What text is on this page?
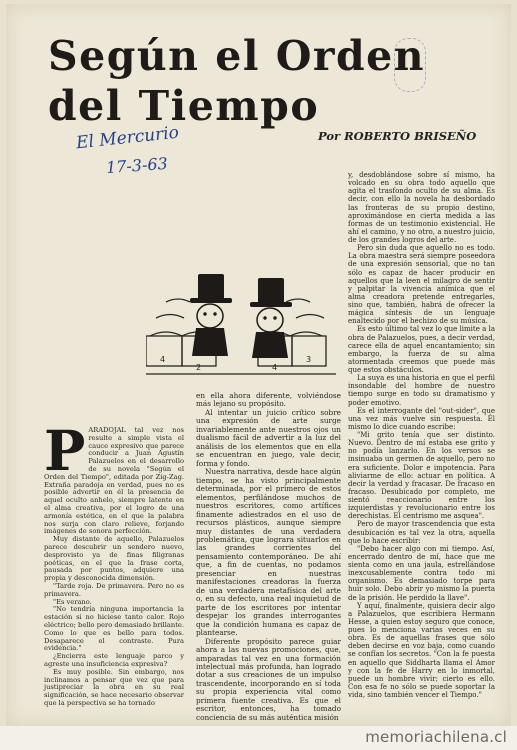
Según el Orden
del Tiempo

El Mercurio

17-3-63

Por ROBERTO BRISEÑO

4
2	4
3

PARADOJAL tal vez nos resulte a simple vista el cauce expresivo que parece conducir a Juan Agustín Palazuelos en el desarrollo de su novela "Según el Orden del Tiempo", editada por Zig-Zag. Extraña paradoja en verdad, pues no es posible advertir en él la presencia de aquel oculto anhelo, siempre latente en el alma creativa, por el logro de una armonía estética, en el que la palabra nos surja con claro relieve, forjando imágenes de sonora perfección.

Muy distante de aquello, Palazuelos parece descubrir un sendero nuevo, desprovisto ya de finas filigranas poéticas, en el que la frase corta, pausada por puntos, adquiere una propia y desconocida dimensión.

"Tarde roja. De primavera. Pero no es primavera.

"Es verano.

"No tendría ninguna importancia la estación si no hiciese tanto calor. Rojo eléctrico; bello pero demasiado brillante. Como lo que es bello para todos. Desaparece el contraste. Pura evidencia."

¿Encierra este lenguaje parco y agreste una insuficiencia expresiva?

Es muy posible. Sin embargo, nos inclinamos a pensar que vez que para justipreciar la obra en su real significación, se hace necesario observar que la perspectiva se ha tornado

en ella ahora diferente, volviéndose más lejano su propósito.

Al intentar un juicio crítico sobre una expresión de arte surge invariablemente ante nuestros ojos un dualismo fácil de advertir a la luz del análisis de los elementos que en ella se encuentran en juego, vale decir, forma y fondo.

Nuestra narrativa, desde hace algún tiempo, se ha visto principalmente determinada, por el primero de estos elementos, perfilándose muchos de nuestros escritores, como artífices finamente adiestrados en el uso de recursos plásticos, aunque siempre muy distantes de una verdadera problemática, que lograra situarlos en las grandes corrientes del pensamiento contemporáneo. De ahí que, a fin de cuentas, no podamos presenciar en nuestras manifestaciones creadoras la fuerza de una verdadera metafísica del arte o, en su defecto, una real inquietud de parte de los escritores por intentar despejar los grandes interrogantes que la condición humana es capaz de plantearse.

Diferente propósito parece guiar ahora a las nuevas promociones, que, amparadas tal vez en una formación intelectual más profunda, han logrado dotar a sus creaciones de un impulso trascendente, incorporando en sí toda su propia experiencia vital como primera fuente creativa. Es que el escritor, entonces, ha tomado conciencia de su más auténtica misión

y, desdoblándose sobre sí mismo, ha volcado en su obra todo aquello que agita el trasfondo oculto de su alma. Es decir, con ello la novela ha desbordado las fronteras de su propio destino, aproximándose en cierta medida a las formas de un testimonio existencial. He ahí el camino, y no otro, a nuestro juicio, de los grandes logros del arte.

Pero sin duda que aquello no es todo. La obra maestra será siempre poseedora de una expresión sensorial, que no tan sólo es capaz de hacer producir en aquellos que la leen el milagro de sentir y palpitar la vivencia anímica que el alma creadora pretende entregarles, sino que, también, habrá de ofrecer la mágica síntesis de un lenguaje enaltecido por el hechizo de su música.

Es esto último tal vez lo que limite a la obra de Palazuelos, pues, a decir verdad, carece ella de aquel encantamiento; sin embargo, la fuerza de su alma atormentada creemos que puede más que estos obstáculos.

La suya es una historia en que el perfil insondable del hombre de nuestro tiempo surge en todo su dramatismo y poder emotivo.

Es el interrogante del "out-sider", que una vez más vuelve sin respuesta. Él mismo lo dice cuando escribe:

"Mi grito tenía que ser distinto. Nuevo. Dentro de mí estaba ese grito y no podía lanzarlo. En los versos se insinuaba un germen de aquello, pero no era suficiente. Dolor e impotencia. Para aliviarme de ello: actuar en política. A decir la verdad y fracasar. De fracaso en fracaso. Desubicado por completo, me sientó reaccionario entre los izquierdistas y revolucionario entre los derechistas. El centrismo me asquea".

Pero de mayor trascendencia que esta desubicación es tal vez la otra, aquella que lo hace escribir:

"Debo hacer algo con mi tiempo. Así, encerrado dentro de mí, hace que me sienta como en una jaula, estrellándose inexcusablemente contra todo mi organismo. Es demasiado torpe para huir solo. Debo abrir yo mismo la puerta de la prisión. He perdido la llave".

Y aquí, finalmente, quisiera decir algo a Palazuelos, que escribiera Hermann Hesse, a quien estoy seguro que conoce, pues lo menciona varias veces en su obra. Es de aquellas frases que sólo deben decirse en voz baja, como cuando se confían los secretos. "Con la fe puesta en aquello que Siddharta llama el Amor y con la fe de Harry en lo inmortal, puede un hombre vivir; cierto es ello. Con esa fe no sólo se puede soportar la vida, sino también vencer el Tiempo."

memoriachilena.cl
